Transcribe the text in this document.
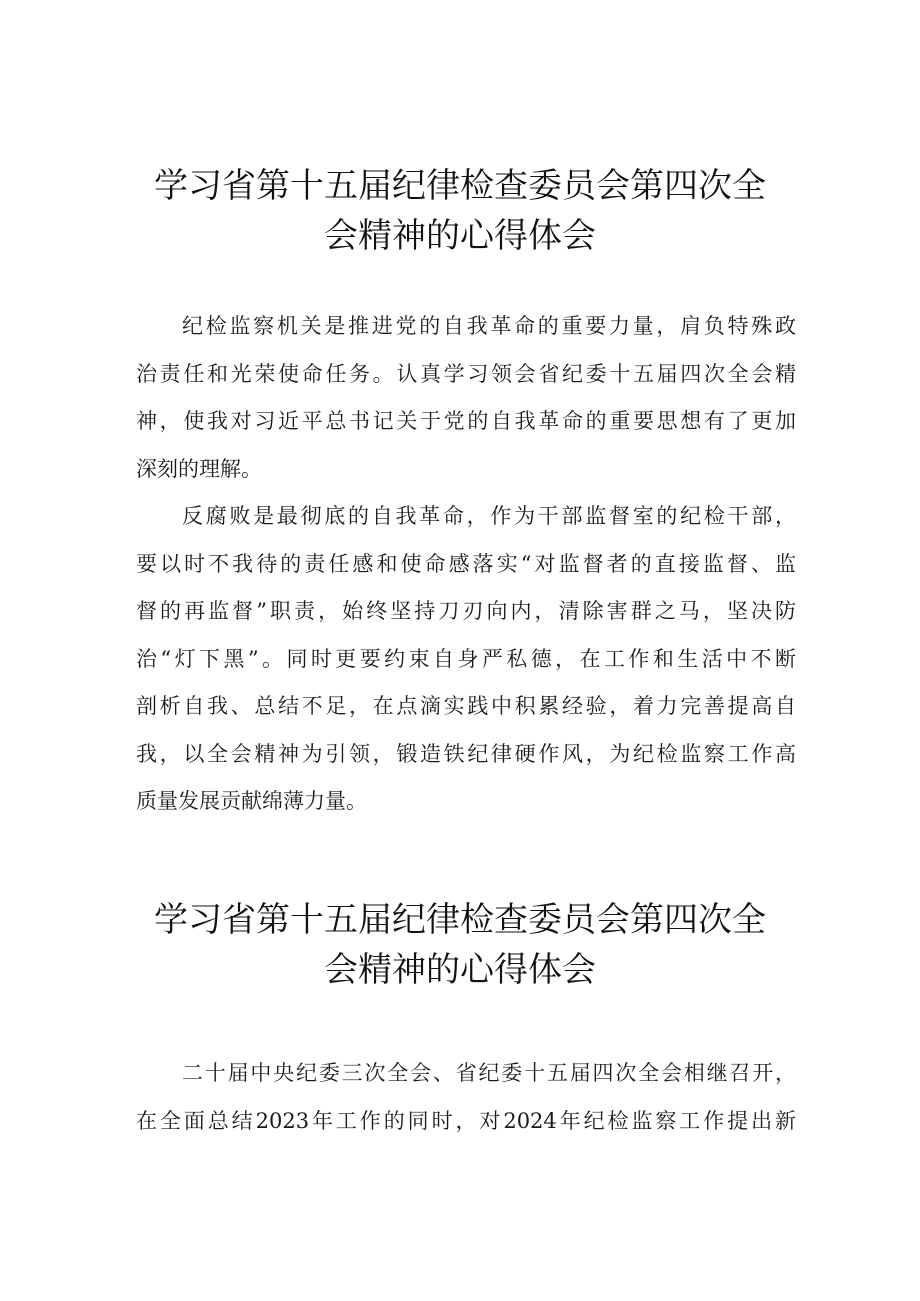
学习省第十五届纪律检查委员会第四次全
会精神的心得体会

纪检监察机关是推进党的自我革命的重要力量，肩负特殊政
治责任和光荣使命任务。认真学习领会省纪委十五届四次全会精
神，使我对习近平总书记关于党的自我革命的重要思想有了更加
深刻的理解。

反腐败是最彻底的自我革命，作为干部监督室的纪检干部，
要以时不我待的责任感和使命感落实“对监督者的直接监督、监
督的再监督”职责，始终坚持刀刃向内，清除害群之马，坚决防
治“灯下黑”。同时更要约束自身严私德，在工作和生活中不断
剖析自我、总结不足，在点滴实践中积累经验，着力完善提高自
我，以全会精神为引领，锻造铁纪律硬作风，为纪检监察工作高
质量发展贡献绵薄力量。

学习省第十五届纪律检查委员会第四次全
会精神的心得体会

二十届中央纪委三次全会、省纪委十五届四次全会相继召开，
在全面总结2023年工作的同时，对2024年纪检监察工作提出新
